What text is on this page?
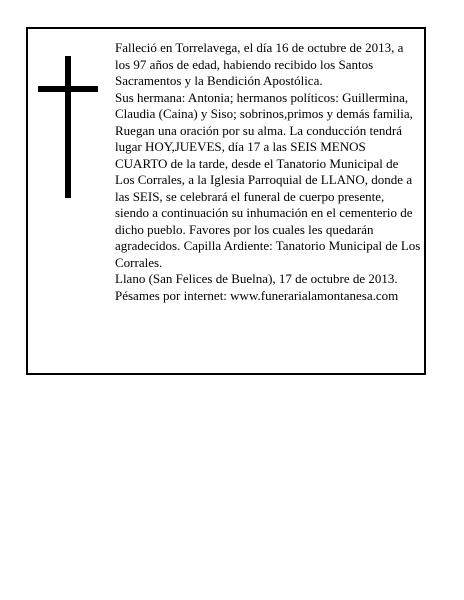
Falleció en Torrelavega, el día 16 de octubre de 2013, a los 97 años de edad, habiendo recibido los Santos Sacramentos y la Bendición Apostólica.

Sus hermana: Antonia; hermanos políticos: Guillermina, Claudia (Caina) y Siso; sobrinos,primos y demás familia,

Ruegan una oración por su alma. La conducción tendrá lugar HOY,JUEVES, día 17 a las SEIS MENOS CUARTO de la tarde, desde el Tanatorio Municipal de Los Corrales, a la Iglesia Parroquial de LLANO, donde a las SEIS, se celebrará el funeral de cuerpo presente, siendo a continuación su inhumación en el cementerio de dicho pueblo. Favores por los cuales les quedarán agradecidos. Capilla Ardiente: Tanatorio Municipal de Los Corrales.

Llano (San Felices de Buelna), 17 de octubre de 2013.

Pésames por internet: www.funerarialamontanesa.com
